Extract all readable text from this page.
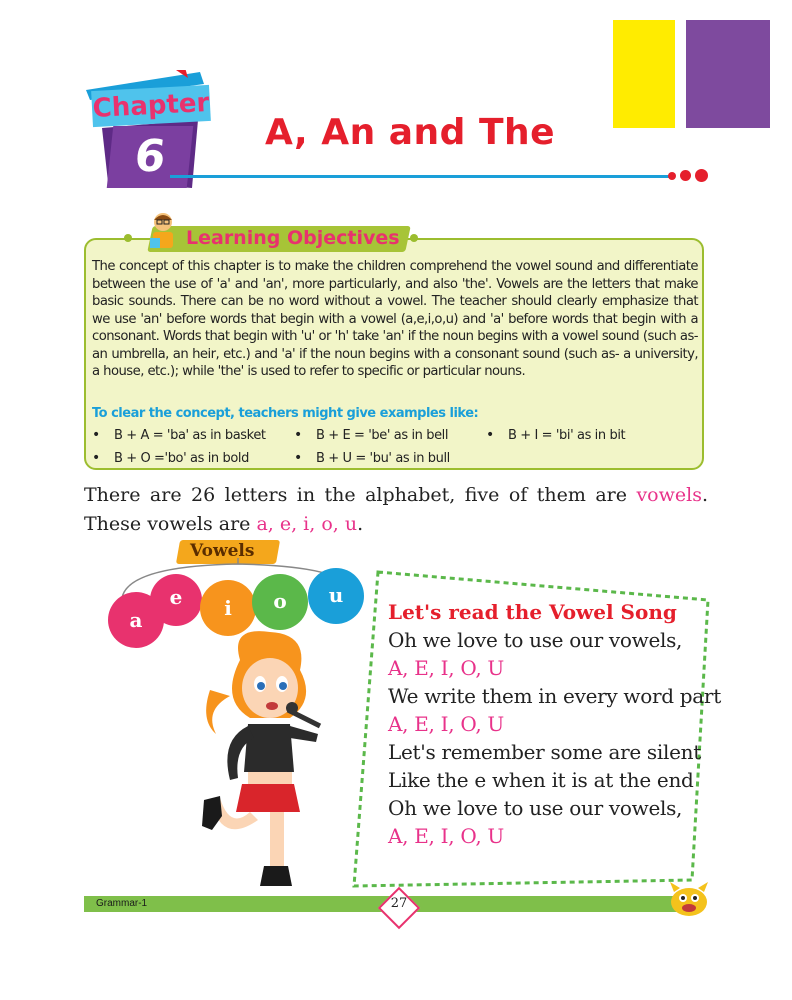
Chapter
6	A, An and The
Learning Objectives
The concept of this chapter is to make the children comprehend the vowel sound and differentiate between the use of 'a' and 'an', more particularly, and also 'the'. Vowels are the letters that make basic sounds. There can be no word without a vowel. The teacher should clearly emphasize that we use 'an' before words that begin with a vowel (a,e,i,o,u) and 'a' before words that begin with a consonant. Words that begin with 'u' or 'h' take 'an' if the noun begins with a vowel sound (such as- an umbrella, an heir, etc.) and 'a' if the noun begins with a consonant sound (such as- a university, a house, etc.); while 'the' is used to refer to specific or particular nouns.
To clear the concept, teachers might give examples like:
• B + A = 'ba' as in basket	• B + E = 'be' as in bell	• B + I = 'bi' as in bit
• B + O ='bo' as in bold	• B + U = 'bu' as in bull
There are 26 letters in the alphabet, five of them are vowels. These vowels are a, e, i, o, u.
Vowels
a
e	i	o	u
Let's read the Vowel Song
Oh we love to use our vowels,
A, E, I, O, U
We write them in every word part
A, E, I, O, U
Let's remember some are silent
Like the e when it is at the end
Oh we love to use our vowels,
A, E, I, O, U
Grammar-1	27
